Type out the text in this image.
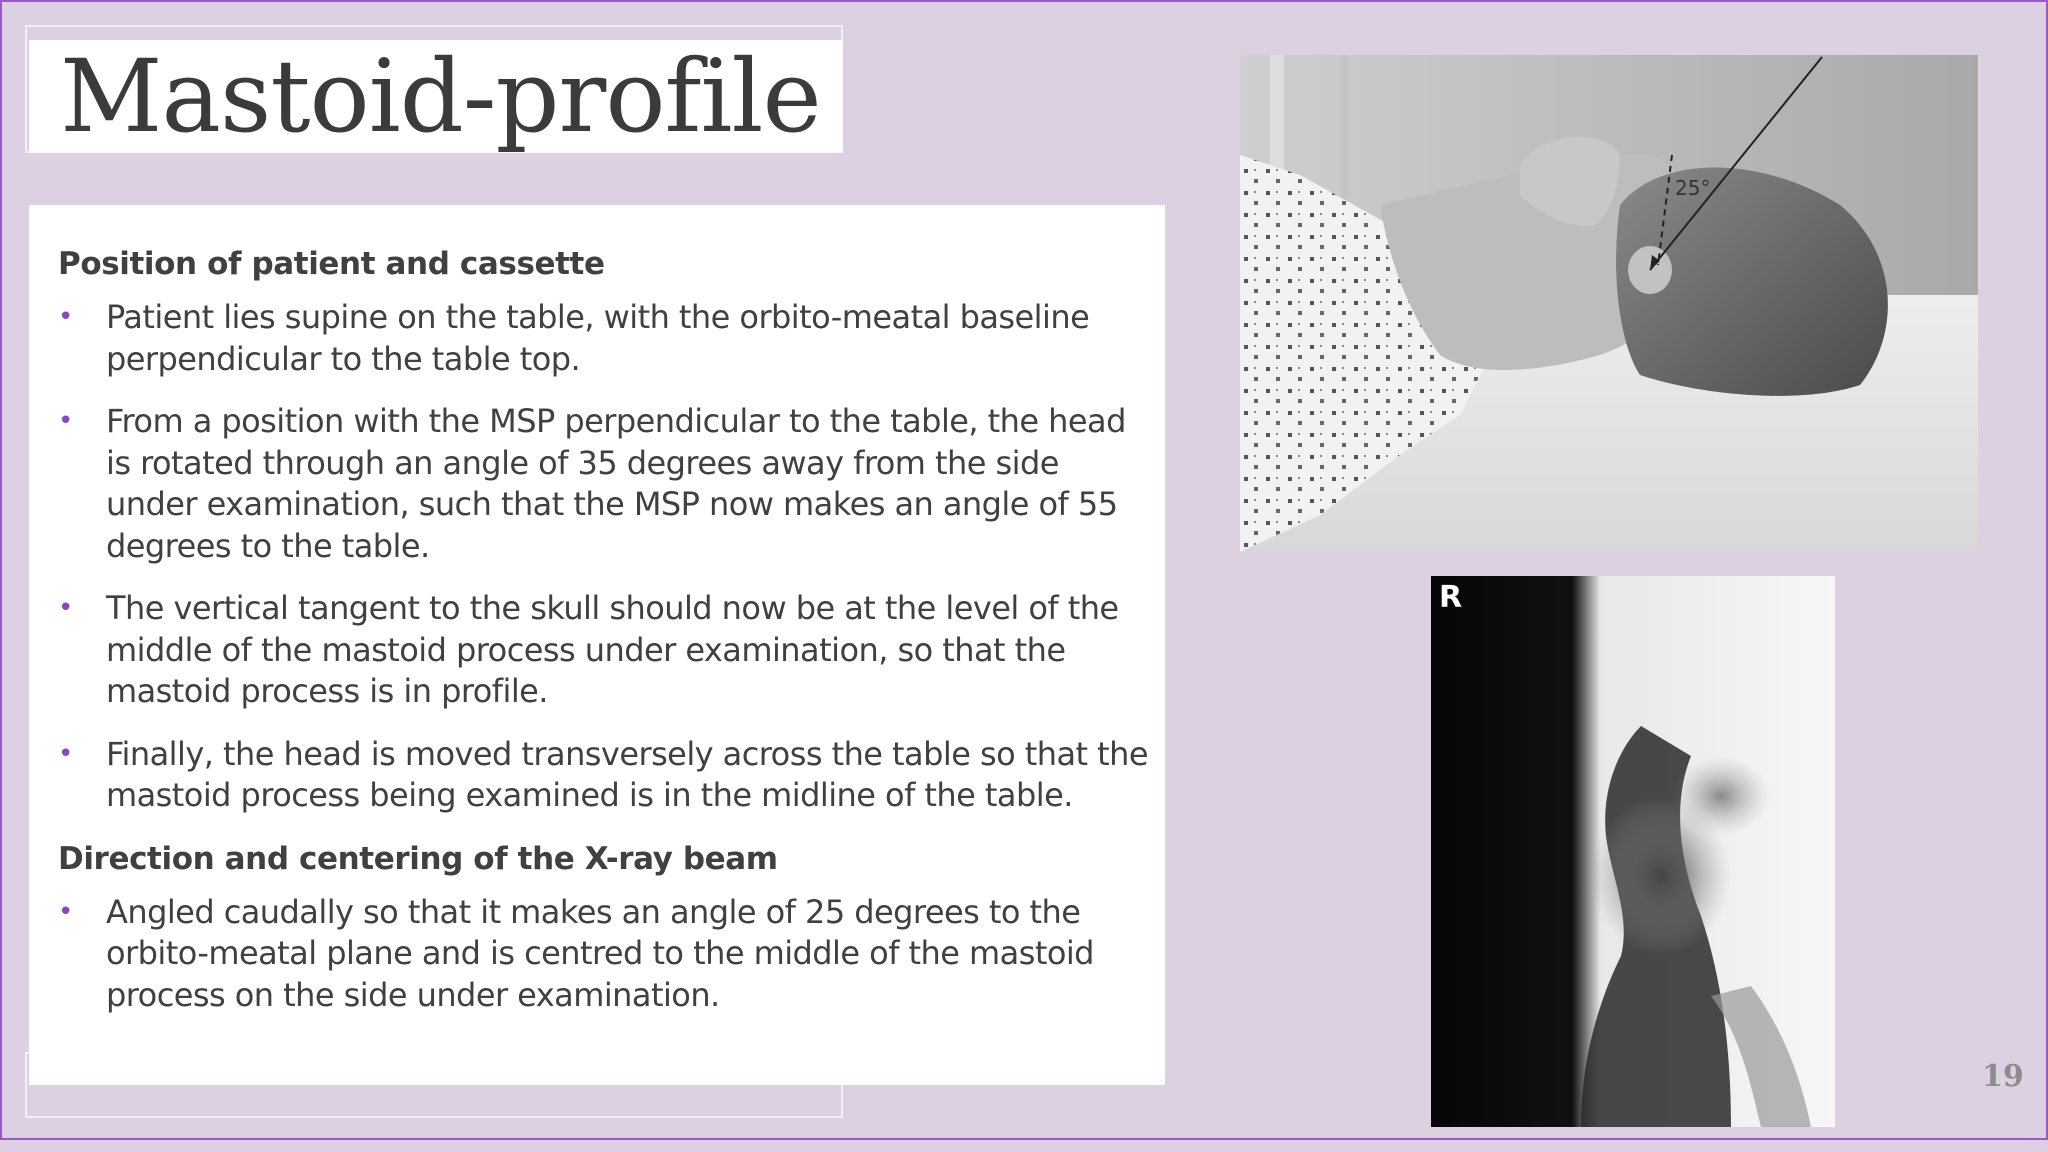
Mastoid-profile
Position of patient and cassette
• Patient lies supine on the table, with the orbito-meatal baseline perpendicular to the table top.
• From a position with the MSP perpendicular to the table, the head is rotated through an angle of 35 degrees away from the side under examination, such that the MSP now makes an angle of 55 degrees to the table.
• The vertical tangent to the skull should now be at the level of the middle of the mastoid process under examination, so that the mastoid process is in profile.
• Finally, the head is moved transversely across the table so that the mastoid process being examined is in the midline of the table.
Direction and centering of the X-ray beam
• Angled caudally so that it makes an angle of 25 degrees to the orbito-meatal plane and is centred to the middle of the mastoid process on the side under examination.
25°
R

19
